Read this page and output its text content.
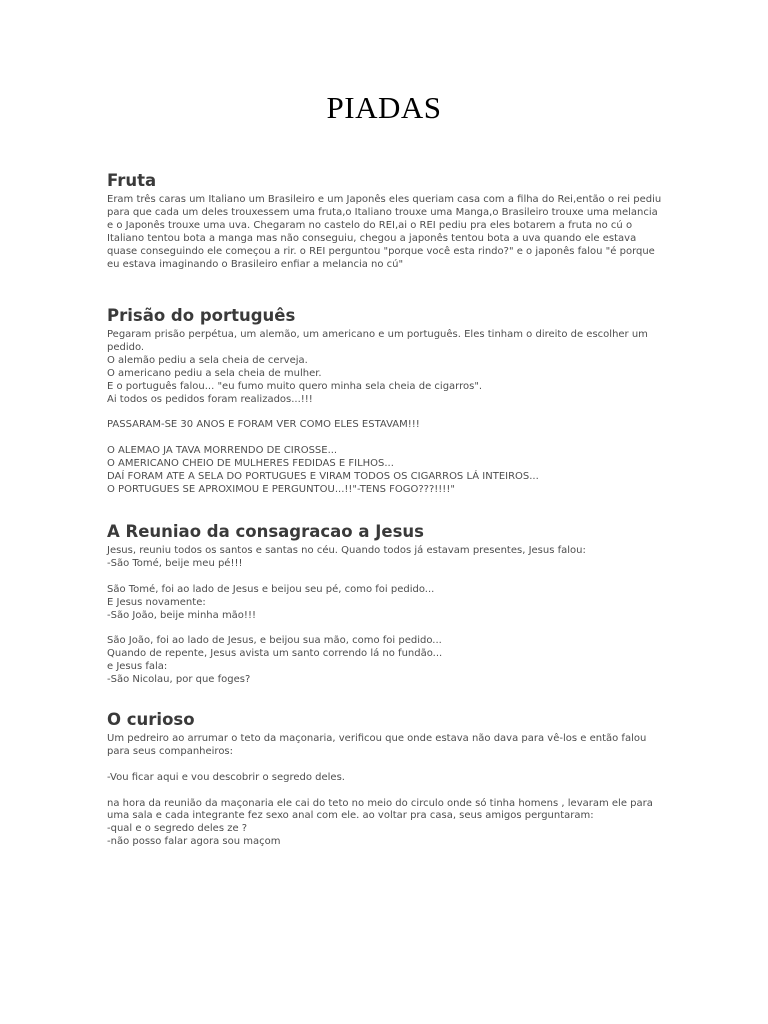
PIADAS
Fruta
Eram três caras um Italiano um Brasileiro e um Japonês eles queriam casa com a filha do Rei,então o rei pediu para que cada um deles trouxessem uma fruta,o Italiano trouxe uma Manga,o Brasileiro trouxe uma melancia e o Japonês trouxe uma uva. Chegaram no castelo do REI,ai o REI pediu pra eles botarem a fruta no cú o Italiano tentou bota a manga mas não conseguiu, chegou a japonês tentou bota a uva quando ele estava quase conseguindo ele começou a rir. o REI perguntou "porque você esta rindo?" e o japonês falou "é porque eu estava imaginando o Brasileiro enfiar a melancia no cú"
Prisão do português
Pegaram prisão perpétua, um alemão, um americano e um português. Eles tinham o direito de escolher um pedido.
O alemão pediu a sela cheia de cerveja.
O americano pediu a sela cheia de mulher.
E o português falou... "eu fumo muito quero minha sela cheia de cigarros".
Ai todos os pedidos foram realizados...!!!

PASSARAM-SE 30 ANOS E FORAM VER COMO ELES ESTAVAM!!!

O ALEMAO JA TAVA MORRENDO DE CIROSSE...
O AMERICANO CHEIO DE MULHERES FEDIDAS E FILHOS...
DAÍ FORAM ATE A SELA DO PORTUGUES E VIRAM TODOS OS CIGARROS LÁ INTEIROS...
O PORTUGUES SE APROXIMOU E PERGUNTOU...!!"-TENS FOGO???!!!!"
A Reuniao da consagracao a Jesus
Jesus, reuniu todos os santos e santas no céu. Quando todos já estavam presentes, Jesus falou:
-São Tomé, beije meu pé!!!

São Tomé, foi ao lado de Jesus e beijou seu pé, como foi pedido...
E Jesus novamente:
-São João, beije minha mão!!!

São João, foi ao lado de Jesus, e beijou sua mão, como foi pedido...
Quando de repente, Jesus avista um santo correndo lá no fundão...
e Jesus fala:
-São Nicolau, por que foges?
O curioso
Um pedreiro ao arrumar o teto da maçonaria, verificou que onde estava não dava para vê-los e então falou para seus companheiros:

-Vou ficar aqui e vou descobrir o segredo deles.

na hora da reunião da maçonaria ele cai do teto no meio do circulo onde só tinha homens , levaram ele para uma sala e cada integrante fez sexo anal com ele. ao voltar pra casa, seus amigos perguntaram:
-qual e o segredo deles ze ?
-não posso falar agora sou maçom
